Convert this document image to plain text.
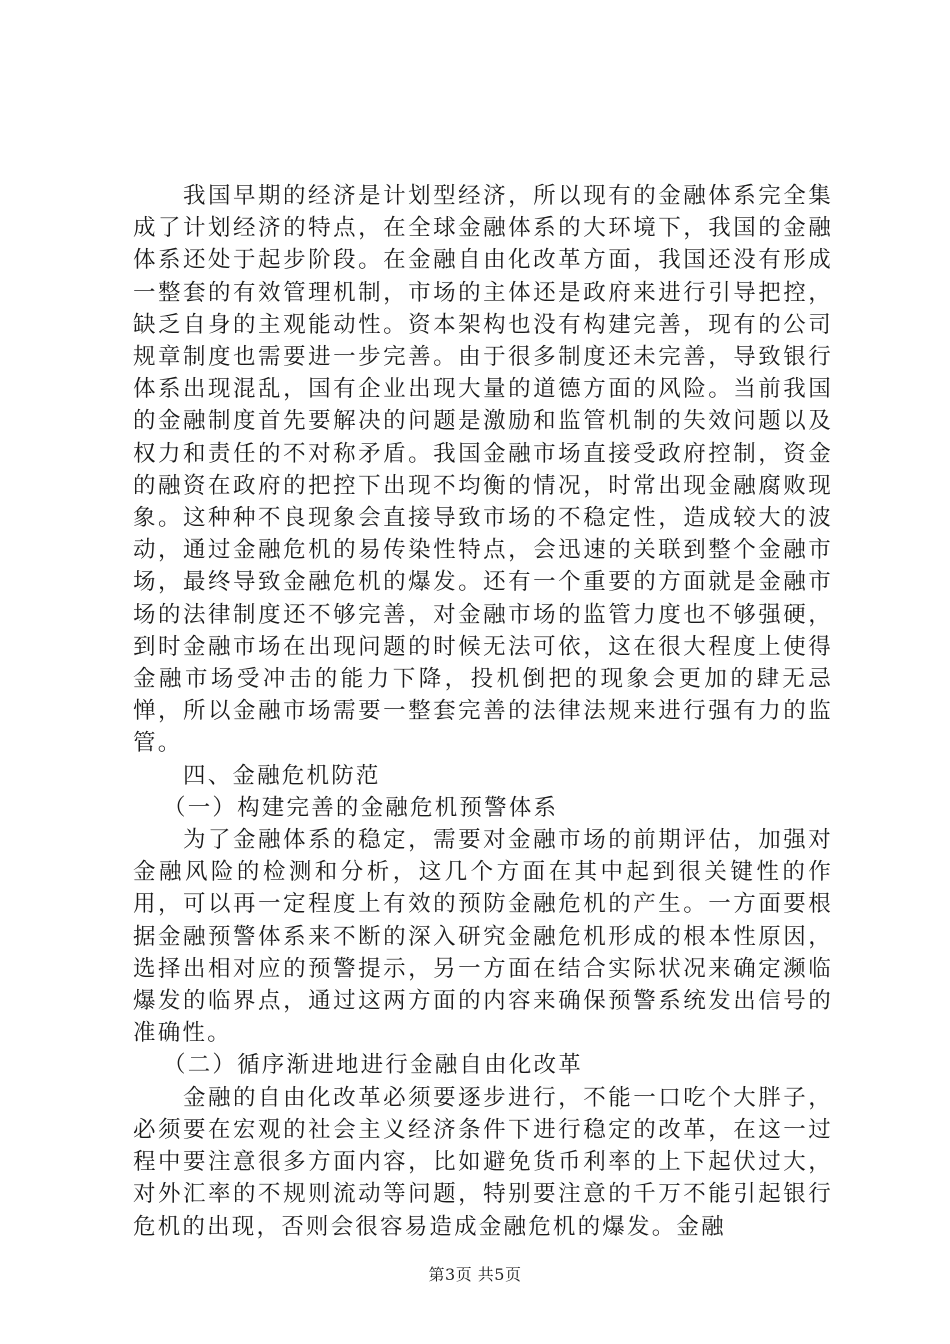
我国早期的经济是计划型经济，所以现有的金融体系完全集成了计划经济的特点，在全球金融体系的大环境下，我国的金融体系还处于起步阶段。在金融自由化改革方面，我国还没有形成一整套的有效管理机制，市场的主体还是政府来进行引导把控，缺乏自身的主观能动性。资本架构也没有构建完善，现有的公司规章制度也需要进一步完善。由于很多制度还未完善，导致银行体系出现混乱，国有企业出现大量的道德方面的风险。当前我国的金融制度首先要解决的问题是激励和监管机制的失效问题以及权力和责任的不对称矛盾。我国金融市场直接受政府控制，资金的融资在政府的把控下出现不均衡的情况，时常出现金融腐败现象。这种种不良现象会直接导致市场的不稳定性，造成较大的波动，通过金融危机的易传染性特点，会迅速的关联到整个金融市场，最终导致金融危机的爆发。还有一个重要的方面就是金融市场的法律制度还不够完善，对金融市场的监管力度也不够强硬，到时金融市场在出现问题的时候无法可依，这在很大程度上使得金融市场受冲击的能力下降，投机倒把的现象会更加的肆无忌惮，所以金融市场需要一整套完善的法律法规来进行强有力的监管。

四、金融危机防范

（一）构建完善的金融危机预警体系

为了金融体系的稳定，需要对金融市场的前期评估，加强对金融风险的检测和分析，这几个方面在其中起到很关键性的作用，可以再一定程度上有效的预防金融危机的产生。一方面要根据金融预警体系来不断的深入研究金融危机形成的根本性原因，选择出相对应的预警提示，另一方面在结合实际状况来确定濒临爆发的临界点，通过这两方面的内容来确保预警系统发出信号的准确性。

（二）循序渐进地进行金融自由化改革

金融的自由化改革必须要逐步进行，不能一口吃个大胖子，必须要在宏观的社会主义经济条件下进行稳定的改革，在这一过程中要注意很多方面内容，比如避免货币利率的上下起伏过大，对外汇率的不规则流动等问题，特别要注意的千万不能引起银行危机的出现，否则会很容易造成金融危机的爆发。金融

第3页 共5页
